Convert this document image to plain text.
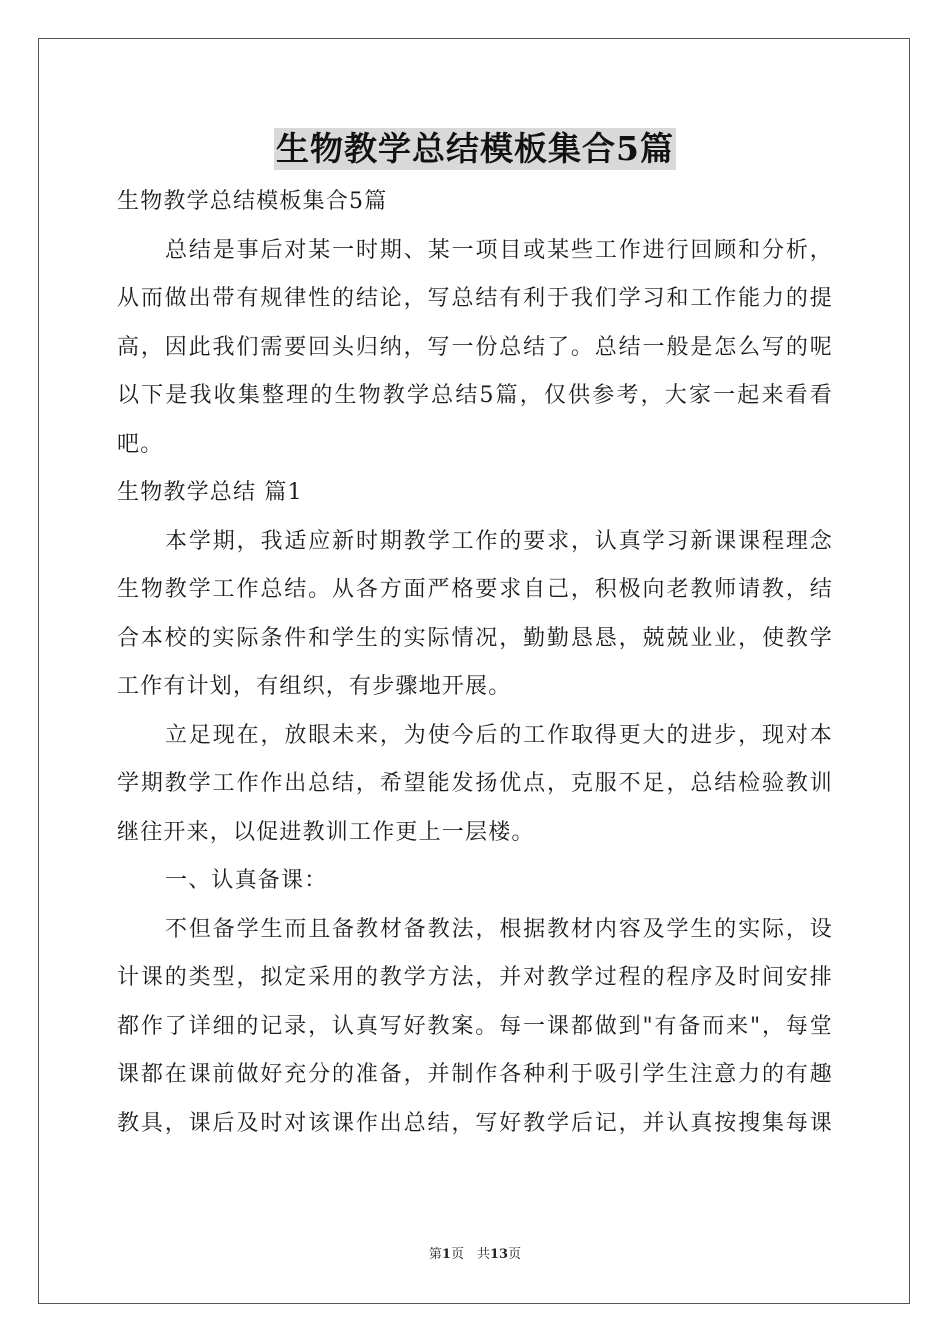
生物教学总结模板集合5篇
生物教学总结模板集合5篇
总结是事后对某一时期、某一项目或某些工作进行回顾和分析，
从而做出带有规律性的结论，写总结有利于我们学习和工作能力的提
高，因此我们需要回头归纳，写一份总结了。总结一般是怎么写的呢
以下是我收集整理的生物教学总结5篇，仅供参考，大家一起来看看
吧。
生物教学总结 篇1
本学期，我适应新时期教学工作的要求，认真学习新课课程理念
生物教学工作总结。从各方面严格要求自己，积极向老教师请教，结
合本校的实际条件和学生的实际情况，勤勤恳恳，兢兢业业，使教学
工作有计划，有组织，有步骤地开展。
立足现在，放眼未来，为使今后的工作取得更大的进步，现对本
学期教学工作作出总结，希望能发扬优点，克服不足，总结检验教训
继往开来，以促进教训工作更上一层楼。
一、认真备课：
不但备学生而且备教材备教法，根据教材内容及学生的实际，设
计课的类型，拟定采用的教学方法，并对教学过程的程序及时间安排
都作了详细的记录，认真写好教案。每一课都做到"有备而来"，每堂
课都在课前做好充分的准备，并制作各种利于吸引学生注意力的有趣
教具，课后及时对该课作出总结，写好教学后记，并认真按搜集每课
第1页　共13页
